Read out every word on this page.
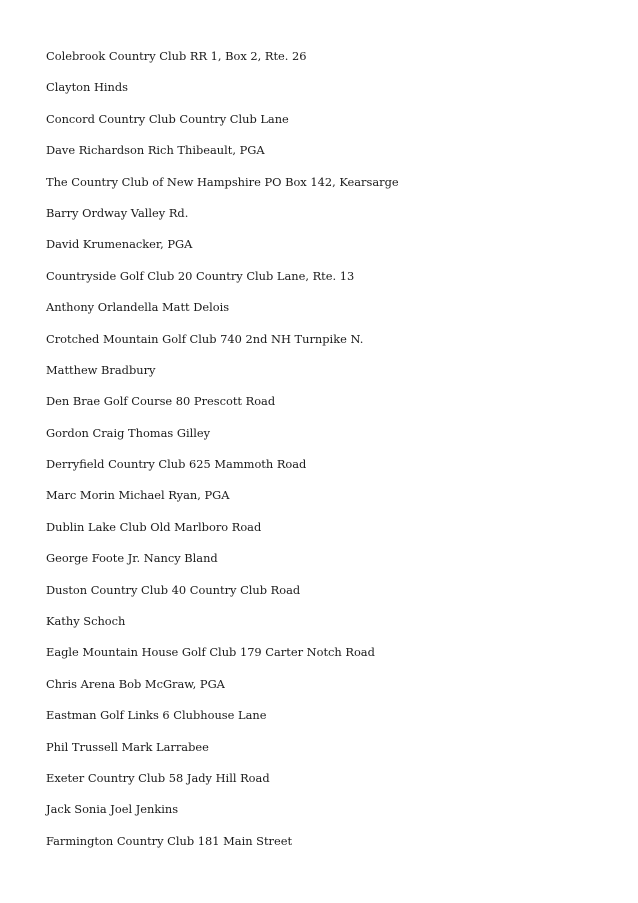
Colebrook Country Club RR 1, Box 2, Rte. 26
Clayton Hinds
Concord Country Club Country Club Lane
Dave Richardson Rich Thibeault, PGA
The Country Club of New Hampshire PO Box 142, Kearsarge
Barry Ordway Valley Rd.
David Krumenacker, PGA
Countryside Golf Club 20 Country Club Lane, Rte. 13
Anthony Orlandella Matt Delois
Crotched Mountain Golf Club 740 2nd NH Turnpike N.
Matthew Bradbury
Den Brae Golf Course 80 Prescott Road
Gordon Craig Thomas Gilley
Derryfield Country Club 625 Mammoth Road
Marc Morin Michael Ryan, PGA
Dublin Lake Club Old Marlboro Road
George Foote Jr. Nancy Bland
Duston Country Club 40 Country Club Road
Kathy Schoch
Eagle Mountain House Golf Club 179 Carter Notch Road
Chris Arena Bob McGraw, PGA
Eastman Golf Links 6 Clubhouse Lane
Phil Trussell Mark Larrabee
Exeter Country Club 58 Jady Hill Road
Jack Sonia Joel Jenkins
Farmington Country Club 181 Main Street
